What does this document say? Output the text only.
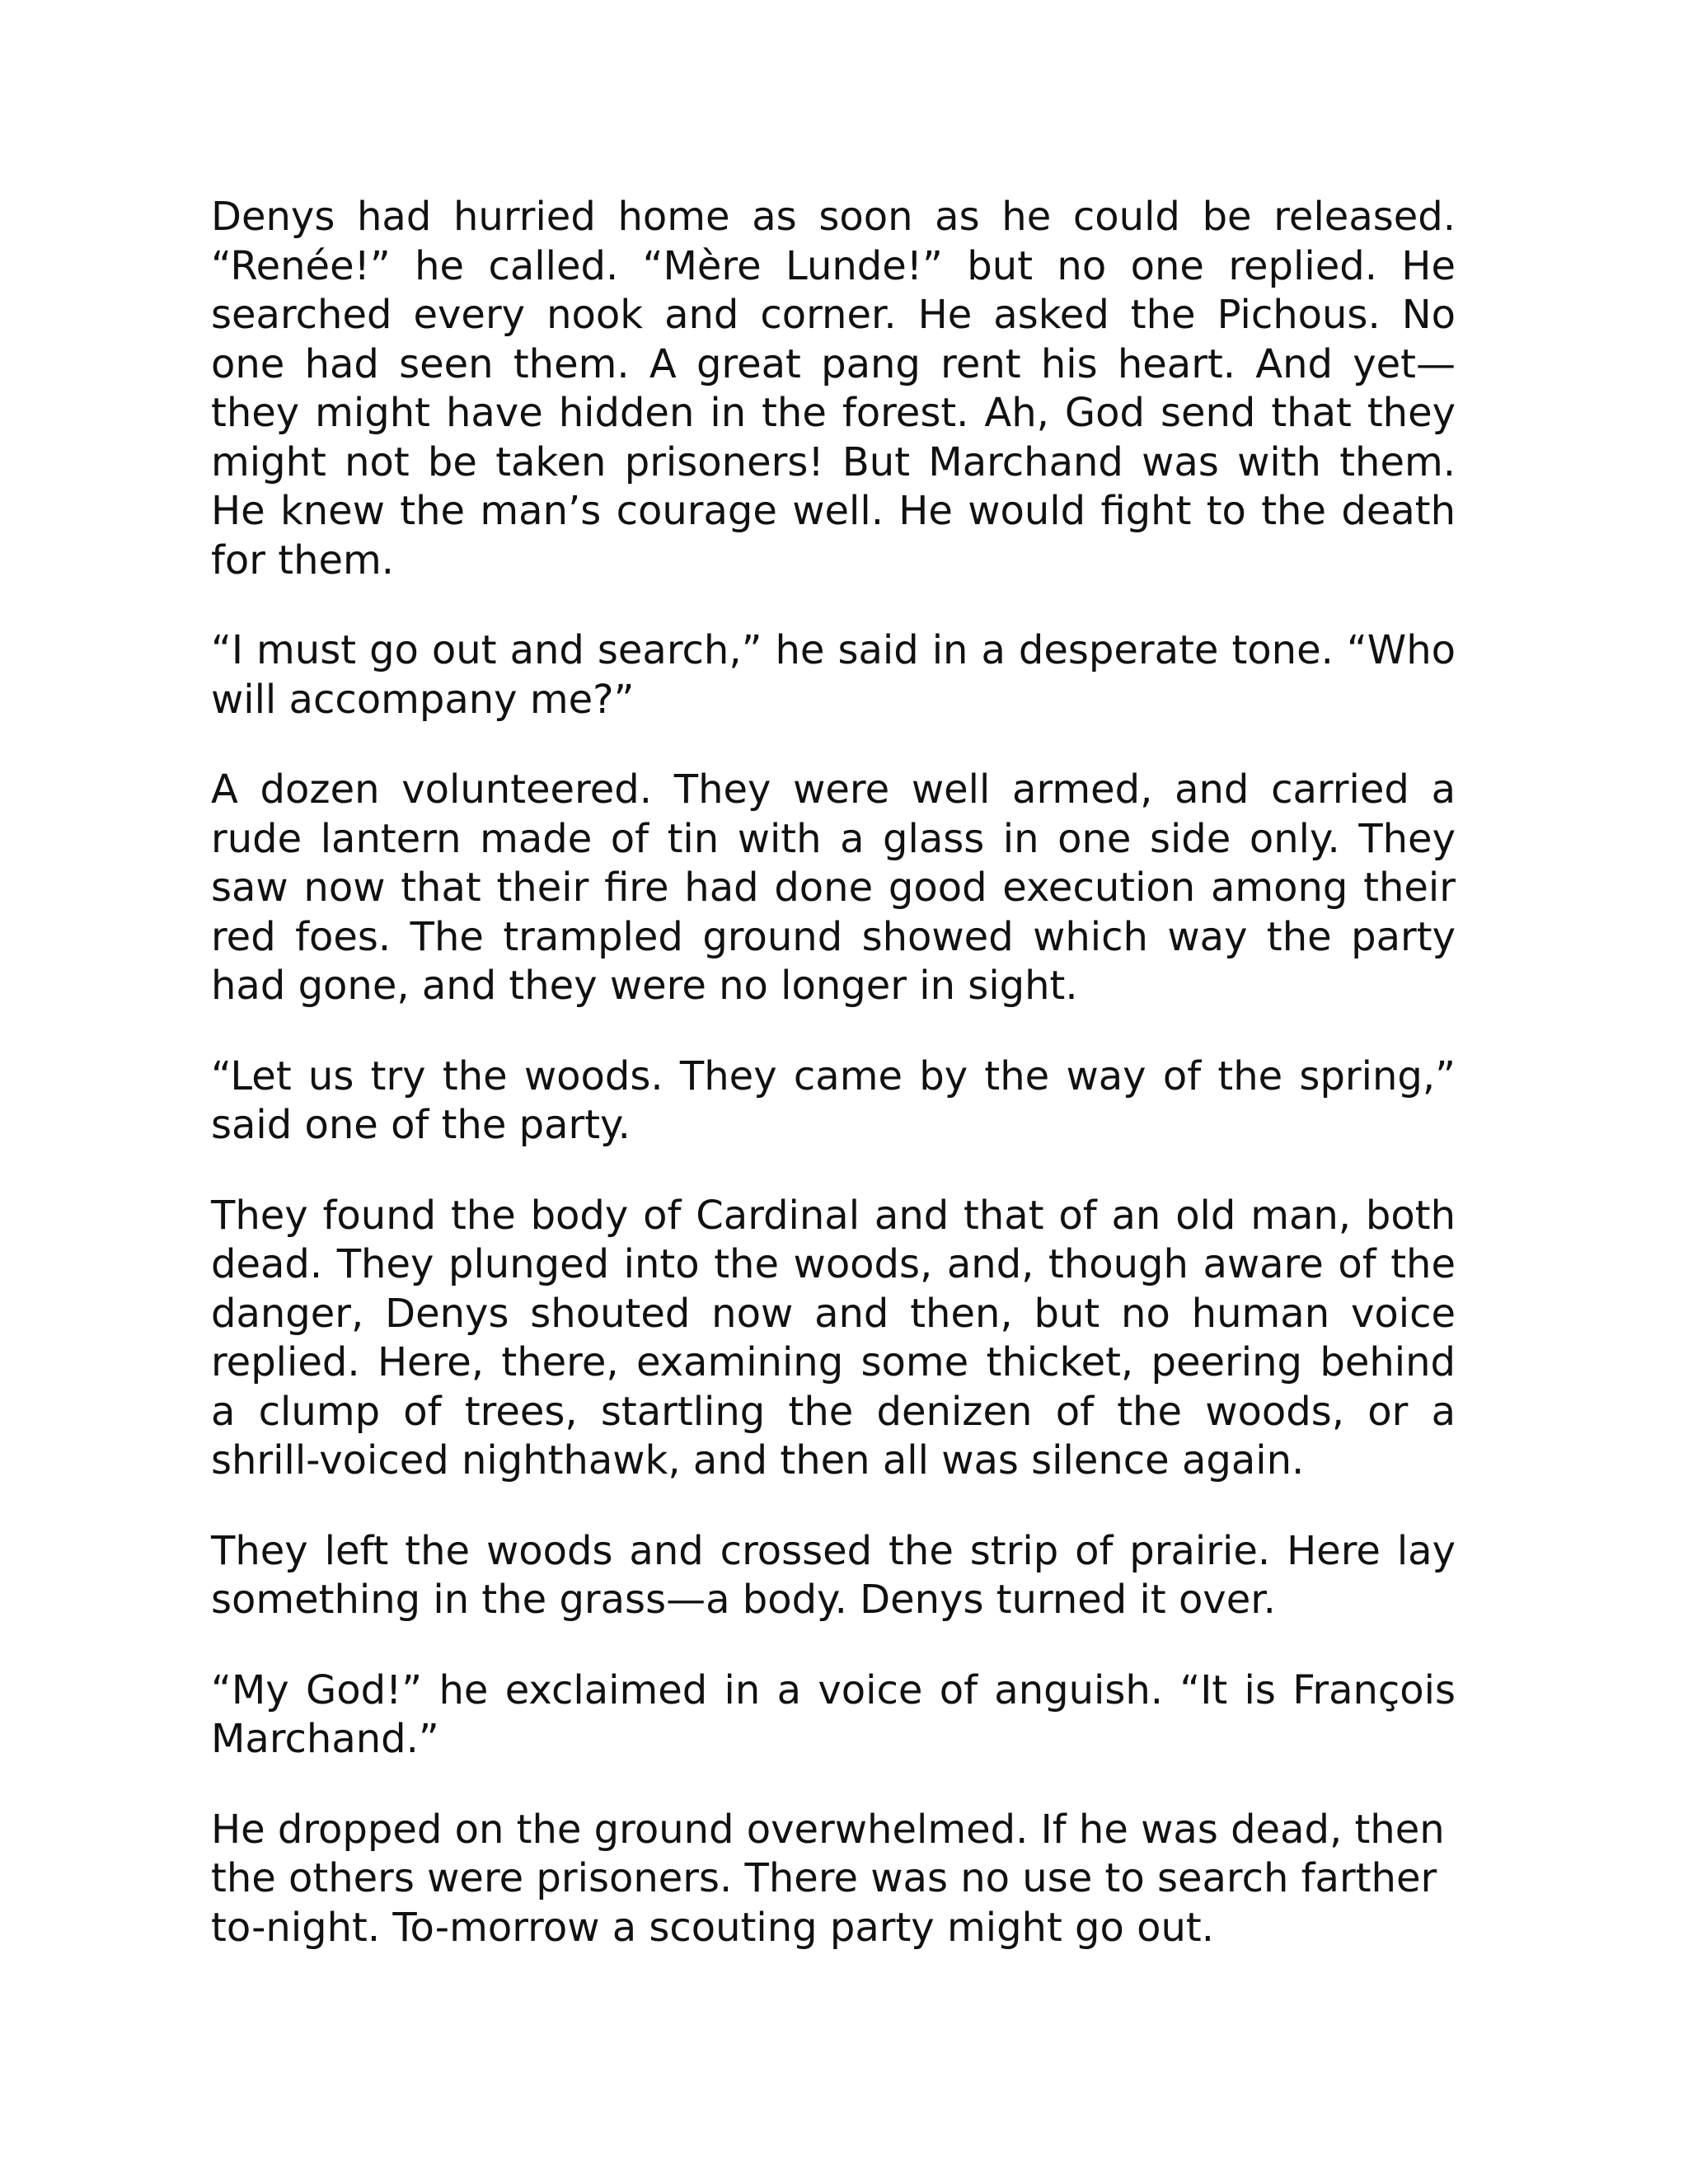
Denys had hurried home as soon as he could be released. “Renée!” he called. “Mère Lunde!” but no one replied. He searched every nook and corner. He asked the Pichous. No one had seen them. A great pang rent his heart. And yet—they might have hidden in the forest. Ah, God send that they might not be taken prisoners! But Marchand was with them. He knew the man’s courage well. He would fight to the death for them.

“I must go out and search,” he said in a desperate tone. “Who will accompany me?”

A dozen volunteered. They were well armed, and carried a rude lantern made of tin with a glass in one side only. They saw now that their fire had done good execution among their red foes. The trampled ground showed which way the party had gone, and they were no longer in sight.

“Let us try the woods. They came by the way of the spring,” said one of the party.

They found the body of Cardinal and that of an old man, both dead. They plunged into the woods, and, though aware of the danger, Denys shouted now and then, but no human voice replied. Here, there, examining some thicket, peering behind a clump of trees, startling the denizen of the woods, or a shrill-voiced nighthawk, and then all was silence again.

They left the woods and crossed the strip of prairie. Here lay something in the grass—a body. Denys turned it over.

“My God!” he exclaimed in a voice of anguish. “It is François Marchand.”

He dropped on the ground overwhelmed. If he was dead, then the others were prisoners. There was no use to search farther to-night. To-morrow a scouting party might go out.
